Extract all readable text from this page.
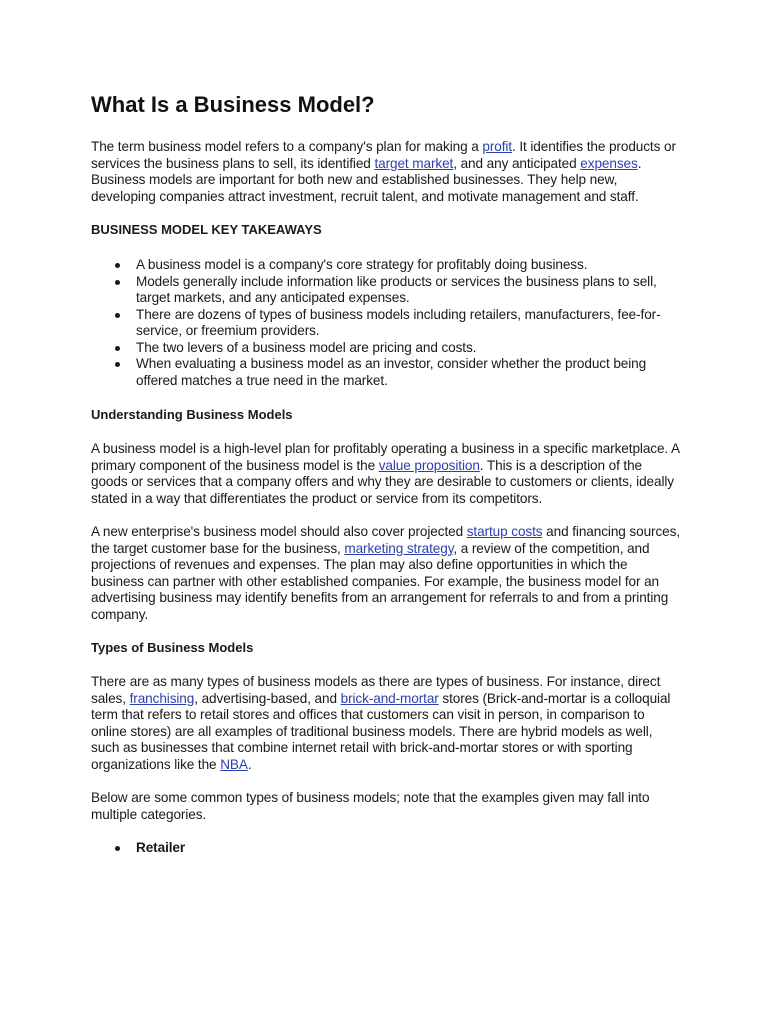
What Is a Business Model?

The term business model refers to a company's plan for making a profit. It identifies the products or services the business plans to sell, its identified target market, and any anticipated expenses. Business models are important for both new and established businesses. They help new, developing companies attract investment, recruit talent, and motivate management and staff.

BUSINESS MODEL KEY TAKEAWAYS
A business model is a company's core strategy for profitably doing business.
Models generally include information like products or services the business plans to sell, target markets, and any anticipated expenses.
There are dozens of types of business models including retailers, manufacturers, fee-for-service, or freemium providers.
The two levers of a business model are pricing and costs.
When evaluating a business model as an investor, consider whether the product being offered matches a true need in the market.
Understanding Business Models

A business model is a high-level plan for profitably operating a business in a specific marketplace. A primary component of the business model is the value proposition. This is a description of the goods or services that a company offers and why they are desirable to customers or clients, ideally stated in a way that differentiates the product or service from its competitors.

A new enterprise's business model should also cover projected startup costs and financing sources, the target customer base for the business, marketing strategy, a review of the competition, and projections of revenues and expenses. The plan may also define opportunities in which the business can partner with other established companies. For example, the business model for an advertising business may identify benefits from an arrangement for referrals to and from a printing company.

Types of Business Models

There are as many types of business models as there are types of business. For instance, direct sales, franchising, advertising-based, and brick-and-mortar stores (Brick-and-mortar is a colloquial term that refers to retail stores and offices that customers can visit in person, in comparison to online stores) are all examples of traditional business models. There are hybrid models as well, such as businesses that combine internet retail with brick-and-mortar stores or with sporting organizations like the NBA.

Below are some common types of business models; note that the examples given may fall into multiple categories.

Retailer
